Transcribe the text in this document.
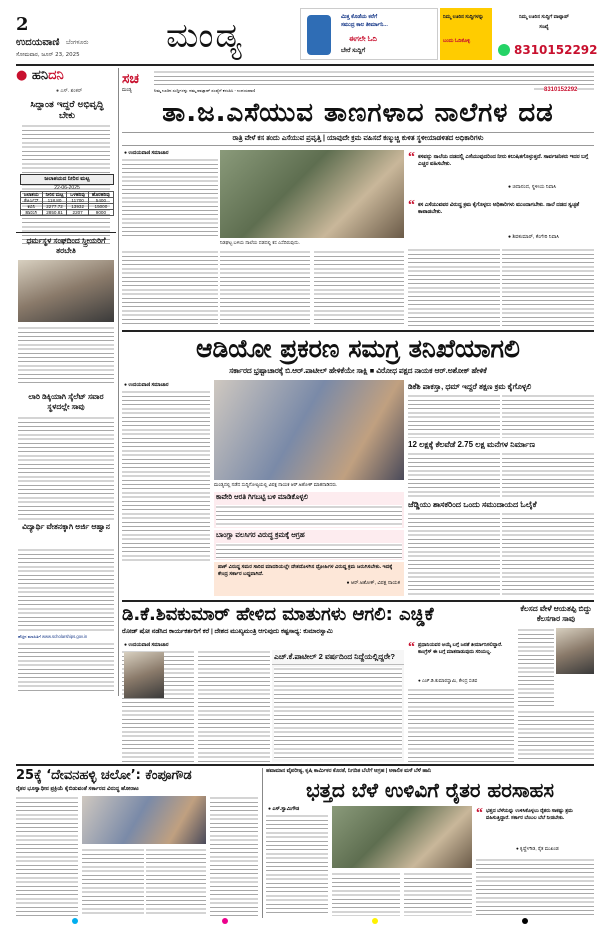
2
ಉದಯವಾಣಿ ಬೆಂಗಳೂರು
ಸೋಮವಾರ, ಜೂನ್ 23, 2025	ಮಂಡ್ಯ	ಮಿತ್ತ ಕೊಡೆಯ ಕರೆಗೆ
ಸಮುದ್ರ ಕಾಲ ತೀರ್ಮಾನಿ...
ಈಗಲೇ ಓದಿ
ಬೇರೆ ಸುದ್ದಿಗೆ
ನಿಮ್ಮ ಊರಿನ ಸುದ್ದಿಗಳನ್ನು
ಬಂದು ಓದಿಕೊಳ್ಳಿ
ನಿಮ್ಮ ಊರಿನ ಸುದ್ದಿಗೆ ವಾಟ್ಸಾಪ್
ಸಂಖ್ಯೆ
8310152292
● ಹನಿದನಿ
● ಎಸ್. ಶಂಕರ್
ಸಿದ್ದಾಂತ ಇದ್ದರೆ ಅಭಿವೃದ್ಧಿ ಬೇಕು
ಜಲಾಶಯದ ನೀರಿನ ಮಟ್ಟ
22-06-2025
ಜಲಾಶಯ	ನೀರಿನ ಮಟ್ಟ	ಒಳಹರಿವು	ಹೊರಹರಿವು
ಕೆಆರ್ಎಸ್	118.80	11700	5400
ಕಬಿನಿ	2277.72	13932	15000
ಹಾರಂಗಿ	2850.81	2207	9000
ಧರ್ಮಸ್ಥಳ ಸಂಘದಿಂದ ಸ್ತ್ರೀಯರಿಗೆ ತರಬೇತಿ
ಲಾರಿ ಡಿಕ್ಕಿಯಾಗಿ ಸ್ಕೆಲೆಟ್ ಸವಾರ ಸ್ಥಳದಲ್ಲೇ ಸಾವು
ವಿದ್ಯಾರ್ಥಿ ವೇತನಕ್ಕಾಗಿ ಅರ್ಜಿ ಆಹ್ವಾನ
ಹೆಚ್ಚಿನ ಮಾಹಿತಿಗೆ www.scholarships.gov.in
ಸಚ
ಮಂಡ್ಯ	ನಿಮ್ಮ ಊರಿನ ಸುದ್ದಿಗಳನ್ನು ನಮ್ಮ ವಾಟ್ಸಾಪ್ ಸಂಖ್ಯೆಗೆ ಕಳುಹಿಸಿ - ಉದಯವಾಣಿ	8310152292
ತಾ.ಜ.ಎಸೆಯುವ ತಾಣಗಳಾದ ನಾಲೆಗಳ ದಡ
ರಾತ್ರಿ ವೇಳೆ ಕಸ ತಂದು ಎಸೆಯುವ ಪ್ರವೃತ್ತಿ | ಯಾವುದೇ ಕ್ರಮ ವಹಿಸದೆ ಕಣ್ಮುಚ್ಚಿ ಕುಳಿತ ಸ್ಥಳೀಯಾಡಳಿತದ ಅಧಿಕಾರಿಗಳು
● ಉದಯವಾಣಿ ಸಮಾಚಾರ
ನಿಡಘಟ್ಟ ಬಳಿಯ ನಾಲೆಯ ದಡದಲ್ಲಿ ಕಸ ಎಸೆದಿರುವುದು.
“ ಕಸವನ್ನು ನಾಲೆಯ ದಡದಲ್ಲಿ ಎಸೆಯುವುದರಿಂದ ನೀರು ಕಲುಷಿತಗೊಳ್ಳುತ್ತದೆ. ಸಾರ್ವಜನಿಕರು ಇದರ ಬಗ್ಗೆ ಎಚ್ಚರ ವಹಿಸಬೇಕು.
● ಚಿದಾನಂದ, ಸ್ಥಳೀಯ ನಿವಾಸಿ
“ ಕಸ ಎಸೆಯುವವರ ವಿರುದ್ಧ ಕ್ರಮ ಕೈಗೊಳ್ಳಲು ಅಧಿಕಾರಿಗಳು ಮುಂದಾಗಬೇಕು. ನಾಲೆ ದಡದ ಸ್ವಚ್ಛತೆ ಕಾಪಾಡಬೇಕು.
● ಶಿವಕುಮಾರ್, ಕೆಂಗೇರಿ ನಿವಾಸಿ
ಆಡಿಯೋ ಪ್ರಕರಣ ಸಮಗ್ರ ತನಿಖೆಯಾಗಲಿ
ಸರ್ಕಾರದ ಭ್ರಷ್ಟಾಚಾರಕ್ಕೆ ಬಿ.ಆರ್.ಪಾಟೀಲ್ ಹೇಳಿಕೆಯೇ ಸಾಕ್ಷಿ ■ ವಿರೋಧ ಪಕ್ಷದ ನಾಯಕ ಆರ್.ಅಶೋಕ್ ಹೇಳಿಕೆ
● ಉದಯವಾಣಿ ಸಮಾಚಾರ
ಮಂಡ್ಯದಲ್ಲಿ ನಡೆದ ಸುದ್ದಿಗೋಷ್ಠಿಯಲ್ಲಿ ವಿಪಕ್ಷ ನಾಯಕ ಆರ್.ಅಶೋಕ್ ಮಾತನಾಡಿದರು.
ಕಾವೇರಿ ಆರತಿ ಗಿಗಬಟ್ಟಿ ಬಳಿ ಮಾಡಿಕೊಳ್ಳಲಿ
ಬಾಂಗ್ಲಾ ವಲಸಿಗರ ವಿರುದ್ಧ ಕ್ರಮಕ್ಕೆ ಆಗ್ರಹ
ಪಾಕ್ ವಿರುದ್ಧ ಸಮರ ಸಾರಿದ ಮಾದರಿಯಲ್ಲೇ ದೇಶದೊಳಗಿನ ದ್ರೋಹಿಗಳ ವಿರುದ್ಧ ಕ್ರಮ ಜರುಗಿಸಬೇಕು. ಇದಕ್ಕೆ ಕೇಂದ್ರ ಸರ್ಕಾರ ಬದ್ಧವಾಗಿದೆ.
● ಆರ್.ಅಶೋಕ್, ವಿಪಕ್ಷ ನಾಯಕ
ಡಿಕೆಶಿ ಪಾಕಸ್ತಾ, ಧಮ್ ಇದ್ದರೆ ತಕ್ಷಣ ಕ್ರಮ ಕೈಗೊಳ್ಳಲಿ
12 ಲಕ್ಷಕ್ಕೆ ಕೆಲವೆಡೆ 2.75 ಲಕ್ಷ ಮನೆಗಳ ನಿರ್ಮಾಣ
ಜೆಡ್ಡಿಯು ಶಾಸಕರಿಂದ ಒಂದು ಸಮುದಾಯದ ಓಲೈಕೆ
ಡಿ.ಕೆ.ಶಿವಕುಮಾರ್ ಹೇಳಿದ ಮಾತುಗಳು ಆಗಲಿ: ಎಚ್ಡಿಕೆ
ರೋಡ್ ಷೋ ನಡೆಸಿದ ಕಾರ್ಯಕರ್ತರಿಗೆ ಕರೆ | ದೇಶದ ಮುಖ್ಯಮಂತ್ರಿ ಆಗುವುದು ಕಷ್ಟಸಾಧ್ಯ: ಕುಮಾರಸ್ವಾಮಿ
● ಉದಯವಾಣಿ ಸಮಾಚಾರ
ಎಚ್.ಕೆ.ಪಾಟೀಲ್ 2 ವರ್ಷದಿಂದ ನಿದ್ದೆಯಲ್ಲಿದ್ದರೇ?
“ ಪ್ರಧಾನಿಯವರ ಆಯ್ಕೆ ಬಗ್ಗೆ ಜನತೆ ತೀರ್ಮಾನಿಸಲಿದ್ದಾರೆ. ಕಾಂಗ್ರೆಸ್ ಈ ಬಗ್ಗೆ ಮಾತನಾಡುವುದು ಸರಿಯಲ್ಲ.
● ಎಚ್.ಡಿ.ಕುಮಾರಸ್ವಾಮಿ, ಕೇಂದ್ರ ಸಚಿವ
ಕೆಲಸದ ವೇಳೆ ಆಯತಪ್ಪಿ ಬಿದ್ದು ಕೆಲಸಗಾರ ಸಾವು
25ಕ್ಕೆ ‘ದೇವನಹಳ್ಳಿ ಚಲೋ’: ಕೆಂಪೂಗೌಡ
ರೈತರ ಭೂಸ್ವಾಧೀನ ಪ್ರಕ್ರಿಯೆ ಕೈಬಿಡುವಂತೆ ಸರ್ಕಾರದ ವಿರುದ್ಧ ಹೋರಾಟ
ಹವಾಮಾನ ವೈಪರೀತ್ಯ, ಕೃಷಿ ಕಾರ್ಮಿಕರ ಕೊರತೆ, ನಿಗದಿತ ಬೆಲೆಗೆ ಆಗ್ರಹ | ಅಕಾಲಿಕ ಮಳೆ ಬೆಳೆ ಹಾನಿ
ಭತ್ತದ ಬೆಳೆ ಉಳಿವಿಗೆ ರೈತರ ಹರಸಾಹಸ
● ಎಸ್.ಸ್ವಾಮಿಗೌಡ	“ ಭತ್ತದ ಬೆಳೆಯನ್ನು ಉಳಿಸಿಕೊಳ್ಳಲು ರೈತರು ಸಾಕಷ್ಟು ಶ್ರಮ ವಹಿಸುತ್ತಿದ್ದಾರೆ. ಸರ್ಕಾರ ಬೆಂಬಲ ಬೆಲೆ ನೀಡಬೇಕು.
● ಕೃಷ್ಣೇಗೌಡ, ರೈತ ಮುಖಂಡ
